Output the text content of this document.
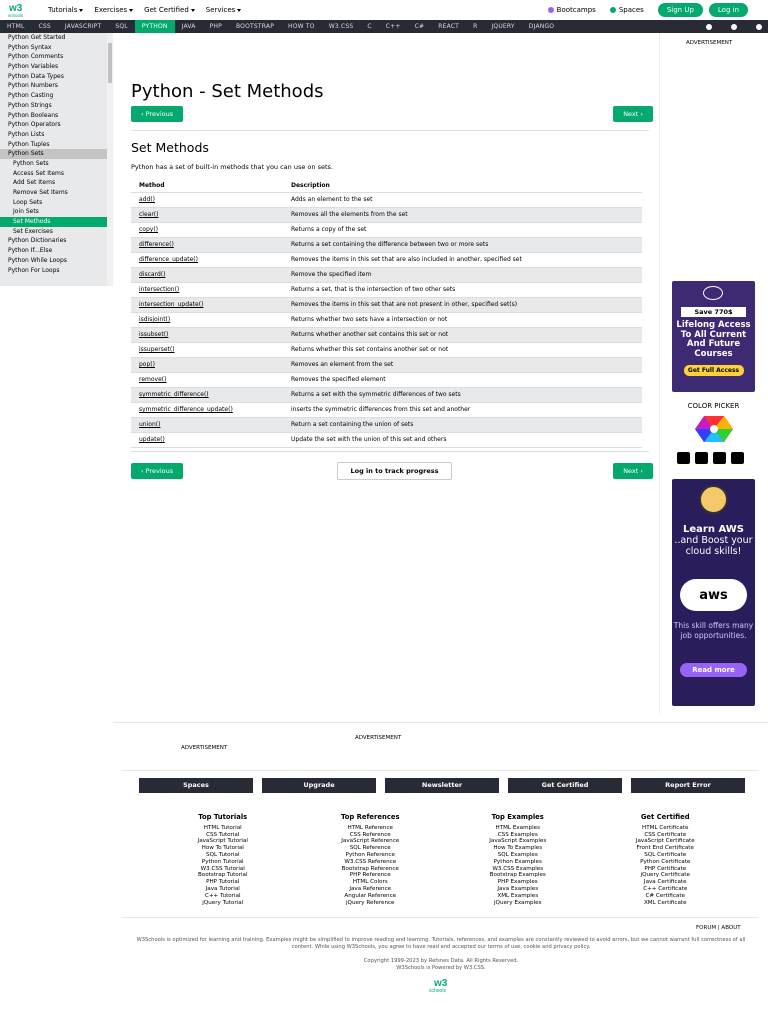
w3
schools
Tutorials Exercises Get Certified Services	Bootcamps	Spaces	Sign Up	Log in
HTML	CSS	JAVASCRIPT	SQL	PYTHON	JAVA	PHP	BOOTSTRAP	HOW TO	W3.CSS	C	C++	C#	REACT	R	JQUERY	DJANGO
Python Get Started
Python Syntax
Python Comments
Python Variables
Python Data Types
Python Numbers
Python Casting
Python Strings
Python Booleans
Python Operators
Python Lists
Python Tuples
Python Sets
Python Sets
Access Set Items
Add Set Items
Remove Set Items
Loop Sets
Join Sets
Set Methods
Set Exercises
Python Dictionaries
Python If...Else
Python While Loops
Python For Loops
Python - Set Methods
‹ Previous	Next ›
Set Methods
Python has a set of built-in methods that you can use on sets.
Method	Description
add()	Adds an element to the set
clear()	Removes all the elements from the set
copy()	Returns a copy of the set
difference()	Returns a set containing the difference between two or more sets
difference_update()	Removes the items in this set that are also included in another, specified set
discard()	Remove the specified item
intersection()	Returns a set, that is the intersection of two other sets
intersection_update()	Removes the items in this set that are not present in other, specified set(s)
isdisjoint()	Returns whether two sets have a intersection or not
issubset()	Returns whether another set contains this set or not
issuperset()	Returns whether this set contains another set or not
pop()	Removes an element from the set
remove()	Removes the specified element
symmetric_difference()	Returns a set with the symmetric differences of two sets
symmetric_difference_update()	inserts the symmetric differences from this set and another
union()	Return a set containing the union of sets
update()	Update the set with the union of this set and others
‹ Previous	Log in to track progress	Next ›
ADVERTISEMENT
Save 770$
Lifelong Access To All Current And Future Courses
Get Full Access
COLOR PICKER
Learn AWS
..and Boost your cloud skills!
aws
This skill offers many job opportunities.
Read more
ADVERTISEMENT
ADVERTISEMENT
Spaces	Upgrade	Newsletter	Get Certified	Report Error
Top Tutorials
HTML Tutorial
CSS Tutorial
JavaScript Tutorial
How To Tutorial
SQL Tutorial
Python Tutorial
W3.CSS Tutorial
Bootstrap Tutorial
PHP Tutorial
Java Tutorial
C++ Tutorial
jQuery Tutorial
Top References
HTML Reference
CSS Reference
JavaScript Reference
SQL Reference
Python Reference
W3.CSS Reference
Bootstrap Reference
PHP Reference
HTML Colors
Java Reference
Angular Reference
jQuery Reference
Top Examples
HTML Examples
CSS Examples
JavaScript Examples
How To Examples
SQL Examples
Python Examples
W3.CSS Examples
Bootstrap Examples
PHP Examples
Java Examples
XML Examples
jQuery Examples
Get Certified
HTML Certificate
CSS Certificate
JavaScript Certificate
Front End Certificate
SQL Certificate
Python Certificate
PHP Certificate
jQuery Certificate
Java Certificate
C++ Certificate
C# Certificate
XML Certificate
FORUM | ABOUT
W3Schools is optimized for learning and training. Examples might be simplified to improve reading and learning. Tutorials, references, and examples are constantly reviewed to avoid errors, but we cannot warrant full correctness of all content. While using W3Schools, you agree to have read and accepted our terms of use, cookie and privacy policy.
Copyright 1999-2023 by Refsnes Data. All Rights Reserved.
W3Schools is Powered by W3.CSS.
w3
schools
